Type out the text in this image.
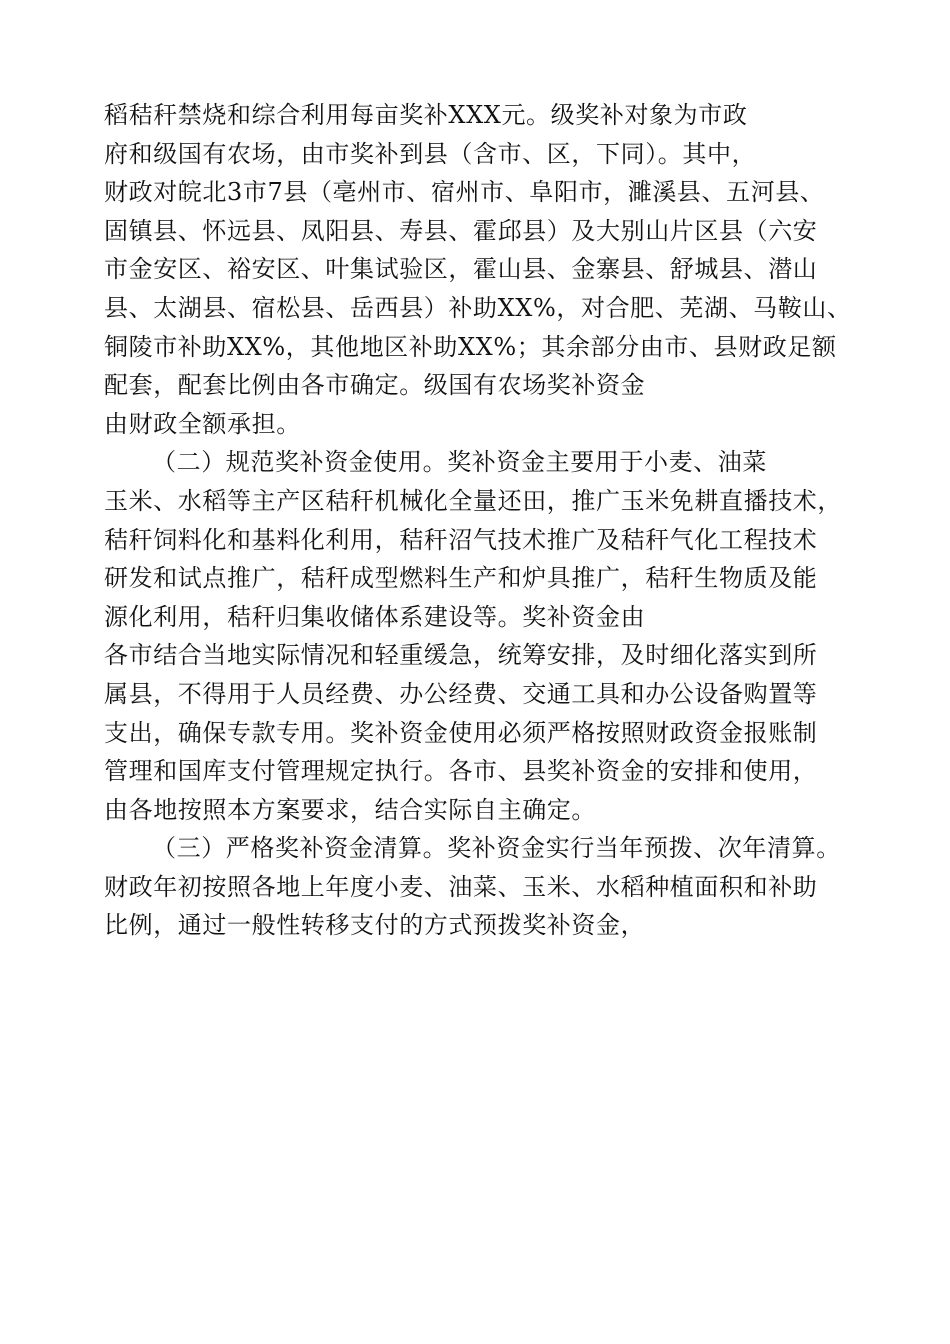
稻秸秆禁烧和综合利用每亩奖补XXX元。级奖补对象为市政
府和级国有农场，由市奖补到县（含市、区，下同）。其中，
财政对皖北3市7县（亳州市、宿州市、阜阳市，濉溪县、五河县、
固镇县、怀远县、凤阳县、寿县、霍邱县）及大别山片区县（六安
市金安区、裕安区、叶集试验区，霍山县、金寨县、舒城县、潜山
县、太湖县、宿松县、岳西县）补助XX%，对合肥、芜湖、马鞍山、
铜陵市补助XX%，其他地区补助XX%；其余部分由市、县财政足额
配套，配套比例由各市确定。级国有农场奖补资金
由财政全额承担。
（二）规范奖补资金使用。奖补资金主要用于小麦、油菜
玉米、水稻等主产区秸秆机械化全量还田，推广玉米免耕直播技术，
秸秆饲料化和基料化利用，秸秆沼气技术推广及秸秆气化工程技术
研发和试点推广，秸秆成型燃料生产和炉具推广，秸秆生物质及能
源化利用，秸秆归集收储体系建设等。奖补资金由
各市结合当地实际情况和轻重缓急，统筹安排，及时细化落实到所
属县，不得用于人员经费、办公经费、交通工具和办公设备购置等
支出，确保专款专用。奖补资金使用必须严格按照财政资金报账制
管理和国库支付管理规定执行。各市、县奖补资金的安排和使用，
由各地按照本方案要求，结合实际自主确定。
（三）严格奖补资金清算。奖补资金实行当年预拨、次年清算。
财政年初按照各地上年度小麦、油菜、玉米、水稻种植面积和补助
比例，通过一般性转移支付的方式预拨奖补资金，
